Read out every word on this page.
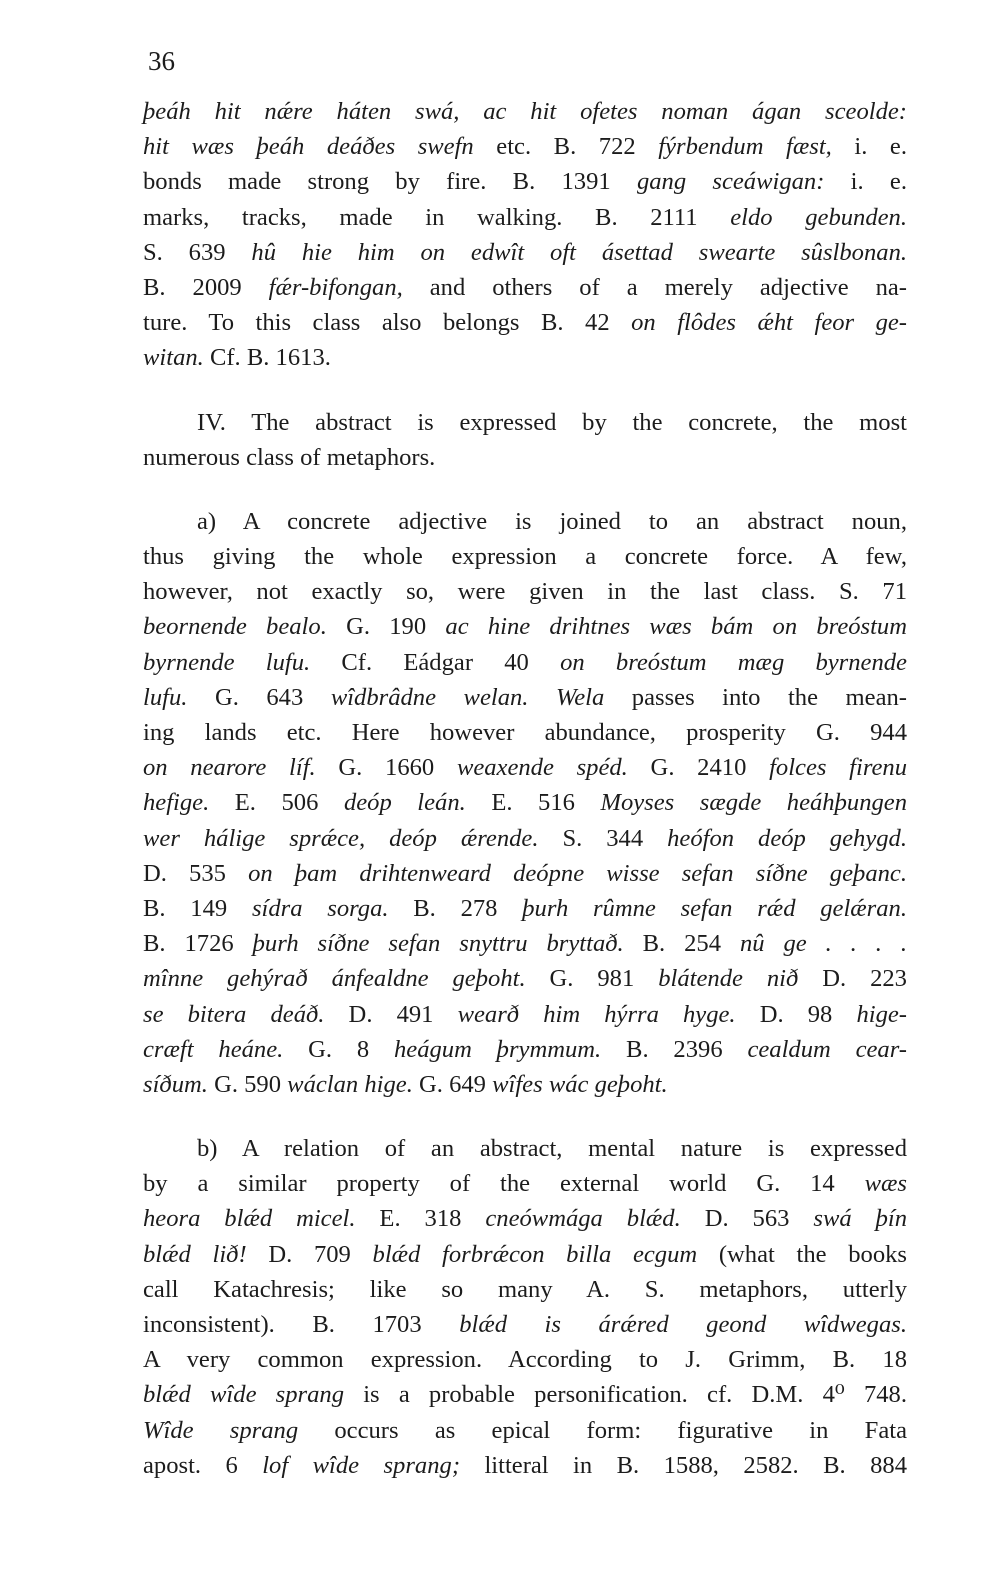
36
þeáh hit nǽre háten swá, ac hit ofetes noman ágan sceolde:
hit wæs þeáh deáðes swefn etc. B. 722 fýrbendum fæst, i. e.
bonds made strong by fire. B. 1391 gang sceáwigan: i. e.
marks, tracks, made in walking. B. 2111 eldo gebunden.
S. 639 hû hie him on edwît oft ásettad swearte sûslbonan.
B. 2009 fǽr-bifongan, and others of a merely adjective na-
ture. To this class also belongs B. 42 on flôdes ǽht feor ge-
witan. Cf. B. 1613.
IV. The abstract is expressed by the concrete, the most
numerous class of metaphors.
a) A concrete adjective is joined to an abstract noun,
thus giving the whole expression a concrete force. A few,
however, not exactly so, were given in the last class. S. 71
beornende bealo. G. 190 ac hine drihtnes wæs bám on breóstum
byrnende lufu. Cf. Eádgar 40 on breóstum mæg byrnende
lufu. G. 643 wîdbrâdne welan. Wela passes into the mean-
ing lands etc. Here however abundance, prosperity G. 944
on nearore líf. G. 1660 weaxende spéd. G. 2410 folces firenu
hefige. E. 506 deóp leán. E. 516 Moyses sægde heáhþungen
wer hálige sprǽce, deóp ǽrende. S. 344 heófon deóp gehygd.
D. 535 on þam drihtenweard deópne wisse sefan síðne geþanc.
B. 149 sídra sorga. B. 278 þurh rûmne sefan rǽd gelǽran.
B. 1726 þurh síðne sefan snyttru bryttað. B. 254 nû ge . . . .
mînne gehýrað ánfealdne geþoht. G. 981 blátende nið D. 223
se bitera deáð. D. 491 wearð him hýrra hyge. D. 98 hige-
cræft heáne. G. 8 heágum þrymmum. B. 2396 cealdum cear-
síðum. G. 590 wáclan hige. G. 649 wîfes wác geþoht.
b) A relation of an abstract, mental nature is expressed
by a similar property of the external world G. 14 wæs
heora blǽd micel. E. 318 cneówmága blǽd. D. 563 swá þín
blǽd lið! D. 709 blǽd forbrǽcon billa ecgum (what the books
call Katachresis; like so many A. S. metaphors, utterly
inconsistent). B. 1703 blǽd is árǽred geond wîdwegas.
A very common expression. According to J. Grimm, B. 18
blǽd wîde sprang is a probable personification. cf. D.M. 4⁰ 748.
Wîde sprang occurs as epical form: figurative in Fata
apost. 6 lof wîde sprang; litteral in B. 1588, 2582. B. 884
